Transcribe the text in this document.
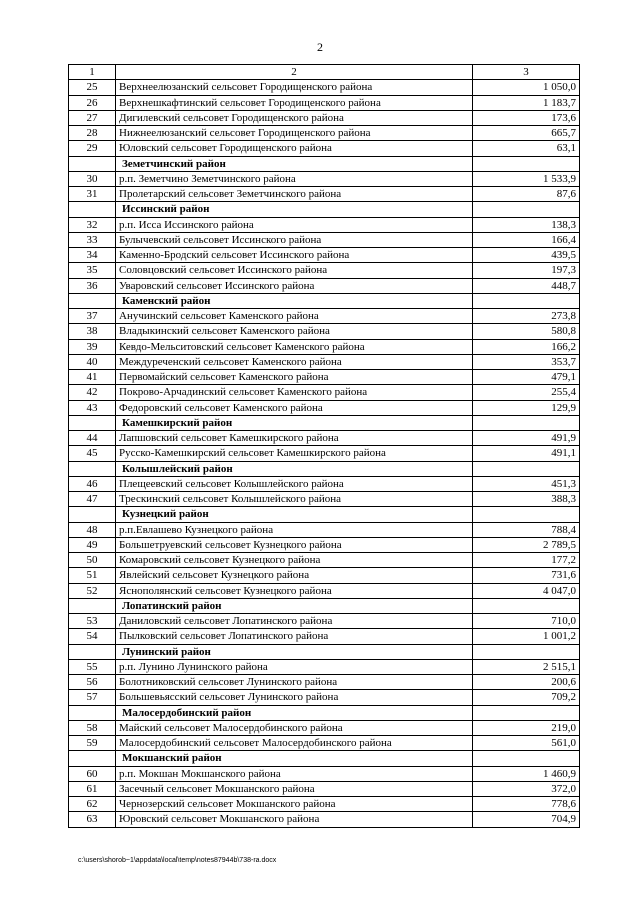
2
1	2	3
25	Верхнеелюзанский сельсовет Городищенского района	1 050,0
26	Верхнешкафтинский сельсовет Городищенского района	1 183,7
27	Дигилевский сельсовет Городищенского района	173,6
28	Нижнеелюзанский сельсовет Городищенского района	665,7
29	Юловский сельсовет Городищенского района	63,1
	Земетчинский район	
30	р.п. Земетчино Земетчинского района	1 533,9
31	Пролетарский сельсовет Земетчинского района	87,6
	Иссинский район	
32	р.п. Исса Иссинского района	138,3
33	Булычевский сельсовет Иссинского района	166,4
34	Каменно-Бродский сельсовет Иссинского района	439,5
35	Соловцовский сельсовет Иссинского района	197,3
36	Уваровский сельсовет Иссинского района	448,7
	Каменский район	
37	Анучинский сельсовет Каменского района	273,8
38	Владыкинский сельсовет Каменского района	580,8
39	Кевдо-Мельситовский сельсовет Каменского района	166,2
40	Междуреченский сельсовет Каменского района	353,7
41	Первомайский сельсовет Каменского района	479,1
42	Покрово-Арчадинский сельсовет Каменского района	255,4
43	Федоровский сельсовет Каменского района	129,9
	Камешкирский район	
44	Лапшовский сельсовет Камешкирского района	491,9
45	Русско-Камешкирский сельсовет Камешкирского района	491,1
	Колышлейский район	
46	Плещеевский сельсовет Колышлейского района	451,3
47	Трескинский сельсовет Колышлейского района	388,3
	Кузнецкий район	
48	р.п.Евлашево Кузнецкого района	788,4
49	Большетруевский сельсовет Кузнецкого района	2 789,5
50	Комаровский сельсовет Кузнецкого района	177,2
51	Явлейский сельсовет Кузнецкого района	731,6
52	Яснополянский сельсовет Кузнецкого района	4 047,0
	Лопатинский район	
53	Даниловский сельсовет Лопатинского района	710,0
54	Пылковский сельсовет Лопатинского района	1 001,2
	Лунинский район	
55	р.п. Лунино Лунинского района	2 515,1
56	Болотниковский сельсовет Лунинского района	200,6
57	Большевьясский сельсовет Лунинского района	709,2
	Малосердобинский район	
58	Майский сельсовет Малосердобинского района	219,0
59	Малосердобинский сельсовет Малосердобинского района	561,0
	Мокшанский район	
60	р.п. Мокшан Мокшанского района	1 460,9
61	Засечный сельсовет Мокшанского района	372,0
62	Чернозерский сельсовет Мокшанского района	778,6
63	Юровский сельсовет Мокшанского района	704,9
c:\users\shorob~1\appdata\local\temp\notes87944b\738-ra.docx
